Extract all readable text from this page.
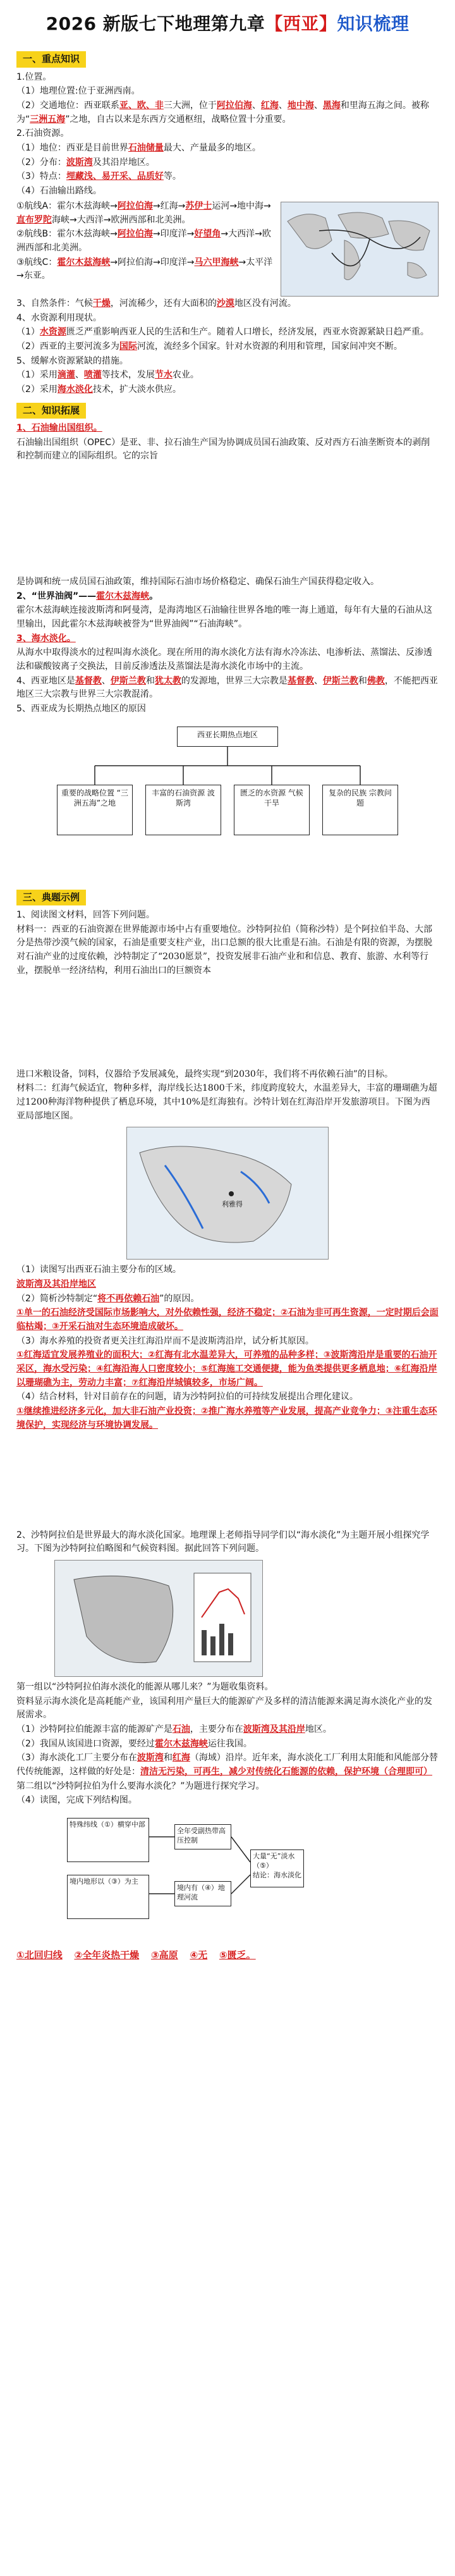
2026 新版七下地理第九章【西亚】知识梳理
一、重点知识

1.位置。

（1）地理位置:位于亚洲西南。

（2）交通地位：西亚联系亚、欧、非三大洲，位于阿拉伯海、红海、地中海、黑海和里海五海之间。被称为“三洲五海”之地，自古以来是东西方交通枢纽，战略位置十分重要。

2.石油资源。

（1）地位：西亚是目前世界石油储量最大、产量最多的地区。

（2）分布：波斯湾及其沿岸地区。

（3）特点：埋藏浅、易开采、品质好等。

（4）石油输出路线。

①航线A：霍尔木兹海峡→阿拉伯海→红海→苏伊士运河→地中海→直布罗陀海峡→大西洋→欧洲西部和北美洲。

②航线B：霍尔木兹海峡→阿拉伯海→印度洋→好望角→大西洋→欧洲西部和北美洲。

③航线C：霍尔木兹海峡→阿拉伯海→印度洋→马六甲海峡→太平洋→东亚。

3、自然条件：气候干燥，河流稀少，还有大面积的沙漠地区没有河流。

4、水资源利用现状。

（1）水资源匮乏严重影响西亚人民的生活和生产。随着人口增长，经济发展，西亚水资源紧缺日趋严重。

（2）西亚的主要河流多为国际河流，流经多个国家。针对水资源的利用和管理，国家间冲突不断。

5、缓解水资源紧缺的措施。

（1）采用滴灌、喷灌等技术，发展节水农业。

（2）采用海水淡化技术，扩大淡水供应。

二、知识拓展

1、石油输出国组织。

石油输出国组织（OPEC）是亚、非、拉石油生产国为协调成员国石油政策、反对西方石油垄断资本的剥削和控制而建立的国际组织。它的宗旨

是协调和统一成员国石油政策，维持国际石油市场价格稳定、确保石油生产国获得稳定收入。

2、“世界油阀”——霍尔木兹海峡。

霍尔木兹海峡连接波斯湾和阿曼湾，是海湾地区石油输往世界各地的唯一海上通道，每年有大量的石油从这里输出，因此霍尔木兹海峡被誉为“世界油阀”“石油海峡”。

3、海水淡化。

从海水中取得淡水的过程叫海水淡化。现在所用的海水淡化方法有海水冷冻法、电渗析法、蒸馏法、反渗透法和碳酸铵离子交换法，目前反渗透法及蒸馏法是海水淡化市场中的主流。

4、西亚地区是基督教、伊斯兰教和犹太教的发源地，世界三大宗教是基督教、伊斯兰教和佛教，不能把西亚地区三大宗教与世界三大宗教混淆。

5、西亚成为长期热点地区的原因

西亚长期热点地区
重要的战略位置 “三洲五海”之地
丰富的石油资源 波斯湾
匮乏的水资源 气候干旱
复杂的民族 宗教问题
三、典题示例

1、阅读图文材料，回答下列问题。

材料一：西亚的石油资源在世界能源市场中占有重要地位。沙特阿拉伯（简称沙特）是个阿拉伯半岛、大部分是热带沙漠气候的国家，石油是重要支柱产业，出口总额的很大比重是石油。石油是有限的资源，为摆脱对石油产业的过度依赖，沙特制定了“2030愿景”，投资发展非石油产业和和信息、教育、旅游、水利等行业，摆脱单一经济结构，利用石油出口的巨额资本

进口米粮设备，饲料，仪器给予发展减免，最终实现“到2030年，我们将不再依赖石油”的目标。

材料二：红海气候适宜，物种多样，海岸线长达1800千米，纬度跨度较大，水温差异大，丰富的珊瑚礁为超过1200种海洋物种提供了栖息环境，其中10%是红海独有。沙特计划在红海沿岸开发旅游项目。下图为西亚局部地区图。

利雅得

（1）读图写出西亚石油主要分布的区域。

波斯湾及其沿岸地区

（2）简析沙特制定“将不再依赖石油”的原因。

①单一的石油经济受国际市场影响大，对外依赖性强，经济不稳定；②石油为非可再生资源，一定时期后会面临枯竭；③开采石油对生态环境造成破坏。

（3）海水养殖的投资者更关注红海沿岸而不是波斯湾沿岸，试分析其原因。

①红海适宜发展养殖业的面积大；②红海有北水温差异大，可养殖的品种多样；③波斯湾沿岸是重要的石油开采区，海水受污染；④红海沿海人口密度较小；⑤红海施工交通便捷，能为鱼类提供更多栖息地；⑥红海沿岸以珊瑚礁为主，劳动力丰富；⑦红海沿岸城镇较多，市场广阔。

（4）结合材料，针对目前存在的问题，请为沙特阿拉伯的可持续发展提出合理化建议。

①继续推进经济多元化，加大非石油产业投资；②推广海水养殖等产业发展，提高产业竞争力；③注重生态环境保护，实现经济与环境协调发展。

2、沙特阿拉伯是世界最大的海水淡化国家。地理课上老师指导同学们以“海水淡化”为主题开展小组探究学习。下图为沙特阿拉伯略图和气候资料图。据此回答下列问题。

第一组以“沙特阿拉伯海水淡化的能源从哪儿来？”为题收集资料。

资料显示海水淡化是高耗能产业，该国利用产量巨大的能源矿产及多样的清洁能源来满足海水淡化产业的发展需求。

（1）沙特阿拉伯能源丰富的能源矿产是石油，主要分布在波斯湾及其沿岸地区。

（2）我国从该国进口资源，要经过霍尔木兹海峡运往我国。

（3）海水淡化工厂主要分布在波斯湾和红海（海域）沿岸。近年来，海水淡化工厂利用太阳能和风能部分替代传统能源，这样做的好处是：清洁无污染，可再生，减少对传统化石能源的依赖，保护环境（合理即可）

第二组以“沙特阿拉伯为什么要海水淡化？”为题进行探究学习。

（4）读图，完成下列结构图。

特殊纬线（①）横穿中部
全年受副热带高压控制
境内地形以（③）为主
境内有（④）地理河流
大量“无”淡水
（⑤）
结论：海水淡化
①北回归线 ②全年炎热干燥 ③高原 ④无 ⑤匮乏。
